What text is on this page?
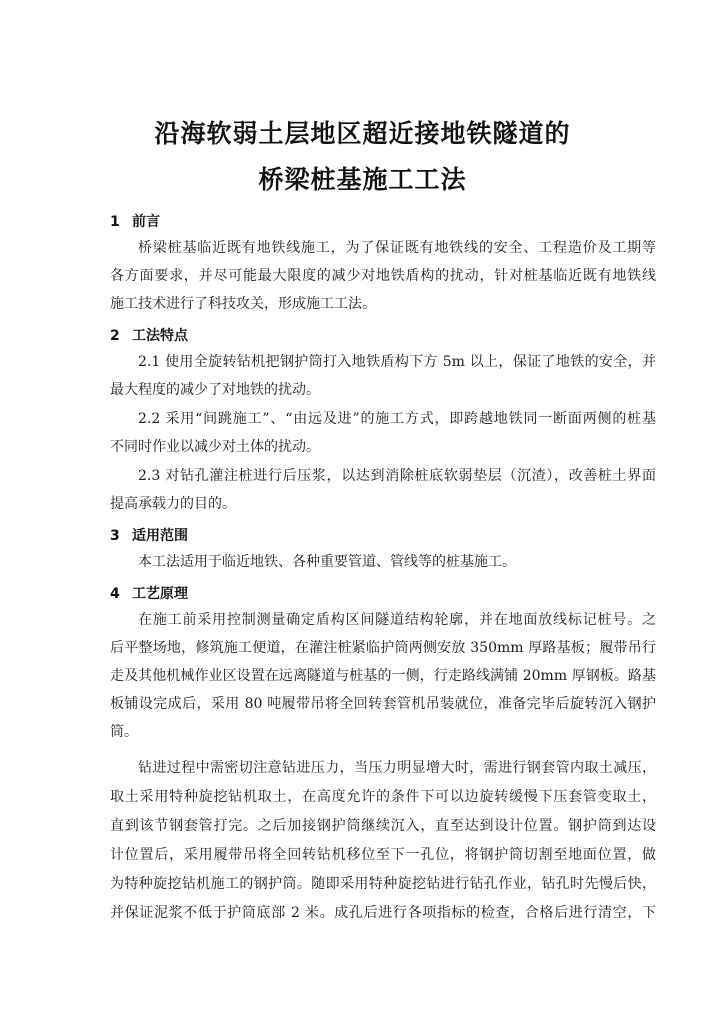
沿海软弱土层地区超近接地铁隧道的
桥梁桩基施工工法
1 前言
桥梁桩基临近既有地铁线施工，为了保证既有地铁线的安全、工程造价及工期等
各方面要求，并尽可能最大限度的减少对地铁盾构的扰动，针对桩基临近既有地铁线
施工技术进行了科技攻关，形成施工工法。
2 工法特点
2.1 使用全旋转钻机把钢护筒打入地铁盾构下方 5m 以上，保证了地铁的安全，并
最大程度的减少了对地铁的扰动。
2.2 采用“间跳施工”、“由远及进”的施工方式，即跨越地铁同一断面两侧的桩基
不同时作业以减少对土体的扰动。
2.3 对钻孔灌注桩进行后压浆，以达到消除桩底软弱垫层（沉渣），改善桩土界面
提高承载力的目的。
3 适用范围
本工法适用于临近地铁、各种重要管道、管线等的桩基施工。
4 工艺原理
在施工前采用控制测量确定盾构区间隧道结构轮廓，并在地面放线标记桩号。之
后平整场地，修筑施工便道，在灌注桩紧临护筒两侧安放 350mm 厚路基板；履带吊行
走及其他机械作业区设置在远离隧道与桩基的一侧，行走路线满铺 20mm 厚钢板。路基
板铺设完成后，采用 80 吨履带吊将全回转套管机吊装就位，准备完毕后旋转沉入钢护
筒。
钻进过程中需密切注意钻进压力，当压力明显增大时，需进行钢套管内取土减压，
取土采用特种旋挖钻机取土，在高度允许的条件下可以边旋转缓慢下压套管变取土，
直到该节钢套管打完。之后加接钢护筒继续沉入，直至达到设计位置。钢护筒到达设
计位置后，采用履带吊将全回转钻机移位至下一孔位，将钢护筒切割至地面位置，做
为特种旋挖钻机施工的钢护筒。随即采用特种旋挖钻进行钻孔作业，钻孔时先慢后快，
并保证泥浆不低于护筒底部 2 米。成孔后进行各项指标的检查，合格后进行清空，下
